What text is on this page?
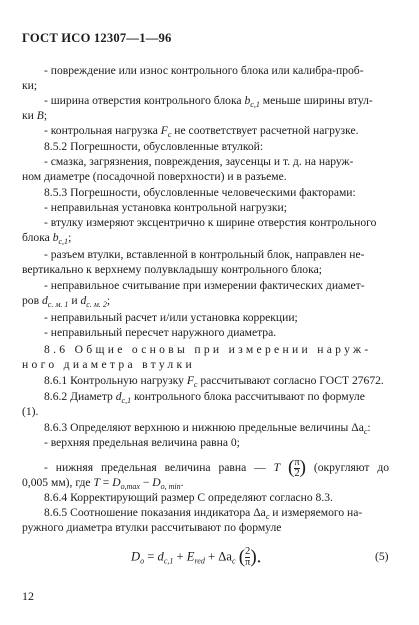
ГОСТ ИСО 12307—1—96
- повреждение или износ контрольного блока или калибра-проб-
ки;
- ширина отверстия контрольного блока $b_{c,1}$ меньше ширины втул-
ки B;
- контрольная нагрузка $F_c$ не соответствует расчетной нагрузке.
8.5.2 Погрешности, обусловленные втулкой:
- смазка, загрязнения, повреждения, заусенцы и т. д. на наруж-
ном диаметре (посадочной поверхности) и в разъеме.
8.5.3 Погрешности, обусловленные человеческими факторами:
- неправильная установка контрольной нагрузки;
- втулку измеряют эксцентрично к ширине отверстия контрольного
блока $b_{c,1}$;
- разъем втулки, вставленной в контрольный блок, направлен не-
вертикально к верхнему полувкладышу контрольного блока;
- неправильное считывание при измерении фактических диамет-
ров $d_{c. м. 1}$ и $d_{c. м. 2}$;
- неправильный расчет и/или установка коррекции;
- неправильный пересчет наружного диаметра.
8.6 Общие основы при измерении наруж-
ного диаметра втулки
8.6.1 Контрольную нагрузку $F_c$ рассчитывают согласно ГОСТ 27672.
8.6.2 Диаметр $d_{c,1}$ контрольного блока рассчитывают по формуле
(1).
8.6.3 Определяют верхнюю и нижнюю предельные величины $\Delta a_c$:
- верхняя предельная величина равна 0;
- нижняя предельная величина равна — T ( $\frac{\pi}{2}$ ) (округляют до
0,005 мм), где $T = D_{o,max} - D_{o, min}$.
8.6.4 Корректирующий размер C определяют согласно 8.3.
8.6.5 Соотношение показания индикатора $\Delta a_c$ и измеряемого на-
ружного диаметра втулки рассчитывают по формуле
$D_o = d_{c,1} + E_{red} + \Delta a_c$ ( $\frac{2}{\pi}$ ).	(5)
12
